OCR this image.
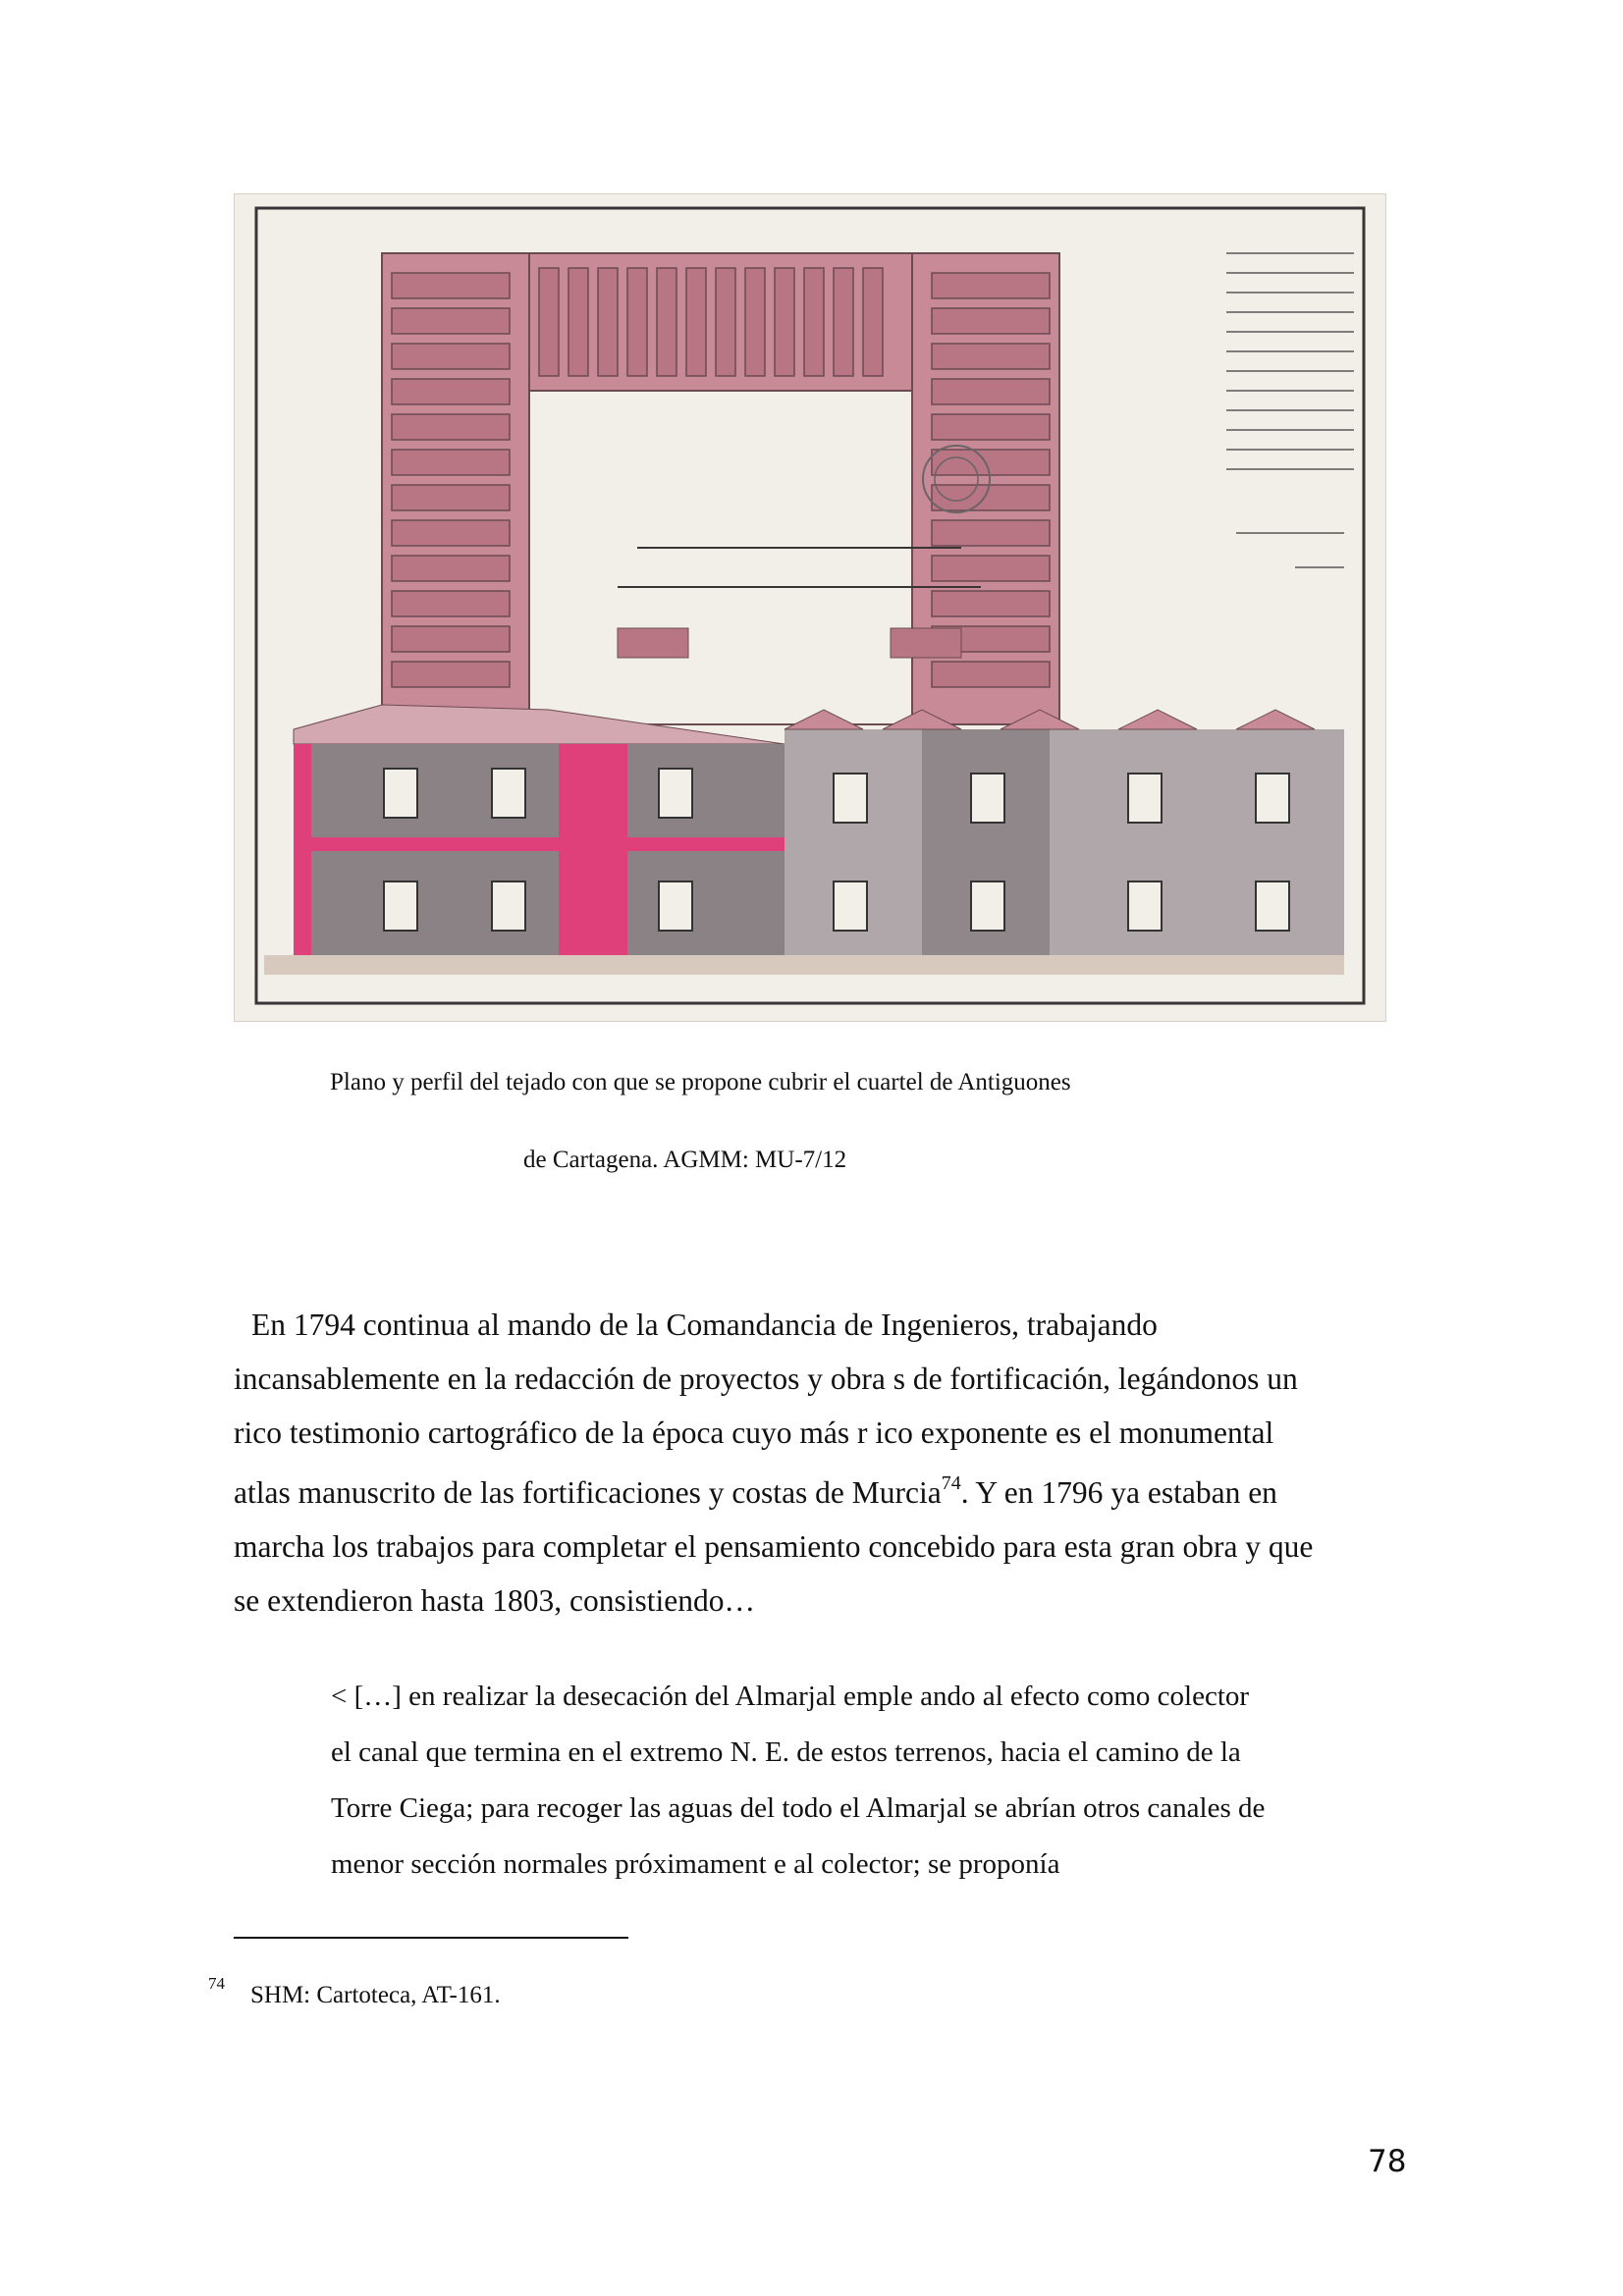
Plano y perfil del tejado con que se propone cubrir el cuartel de Antiguones
de Cartagena. AGMM: MU-7/12

En 1794 continua al mando de la Comandancia de Ingenieros, trabajando

incansablemente en la redacción de proyectos y obra s de fortificación, legándonos un

rico testimonio cartográfico de la época cuyo más r ico exponente es el monumental

atlas manuscrito de las fortificaciones y costas de Murcia$^{74}$. Y en 1796 ya estaban en

marcha los trabajos para completar el pensamiento concebido para esta gran obra y que

se extendieron hasta 1803, consistiendo…

< […] en realizar la desecación del Almarjal emple ando al efecto como colector

el canal que termina en el extremo N. E. de estos terrenos, hacia el camino de la

Torre Ciega; para recoger las aguas del todo el Almarjal se abrían otros canales de

menor sección normales próximament e al colector; se proponía

$^{74}$ SHM: Cartoteca, AT-161.
78
